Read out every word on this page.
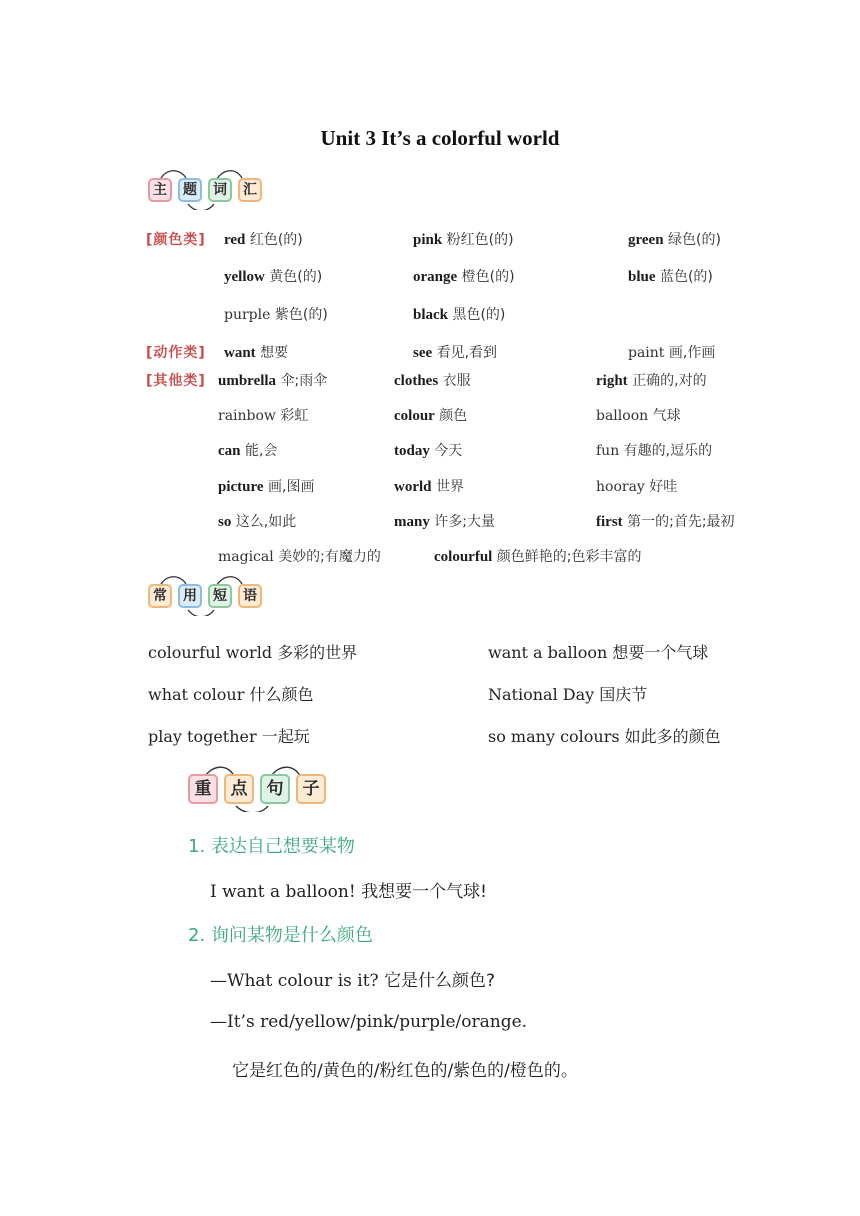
Unit 3 It’s a colorful world
主	题	词	汇
[颜色类] red 红色(的)	pink 粉红色(的)	green 绿色(的)
yellow 黄色(的)	orange 橙色(的)	blue 蓝色(的)
purple 紫色(的)	black 黑色(的)
[动作类] want 想要	see 看见,看到	paint 画,作画
[其他类] umbrella 伞;雨伞	clothes 衣服	right 正确的,对的
rainbow 彩虹	colour 颜色	balloon 气球
can 能,会	today 今天	fun 有趣的,逗乐的
picture 画,图画	world 世界	hooray 好哇
so 这么,如此	many 许多;大量	first 第一的;首先;最初
magical 美妙的;有魔力的	colourful 颜色鲜艳的;色彩丰富的
常	用	短	语
colourful world 多彩的世界	want a balloon 想要一个气球
what colour 什么颜色	National Day 国庆节
play together 一起玩	so many colours 如此多的颜色
重	点	句	子
1. 表达自己想要某物
I want a balloon! 我想要一个气球!
2. 询问某物是什么颜色
—What colour is it? 它是什么颜色?
—It’s red/yellow/pink/purple/orange.
它是红色的/黄色的/粉红色的/紫色的/橙色的。
